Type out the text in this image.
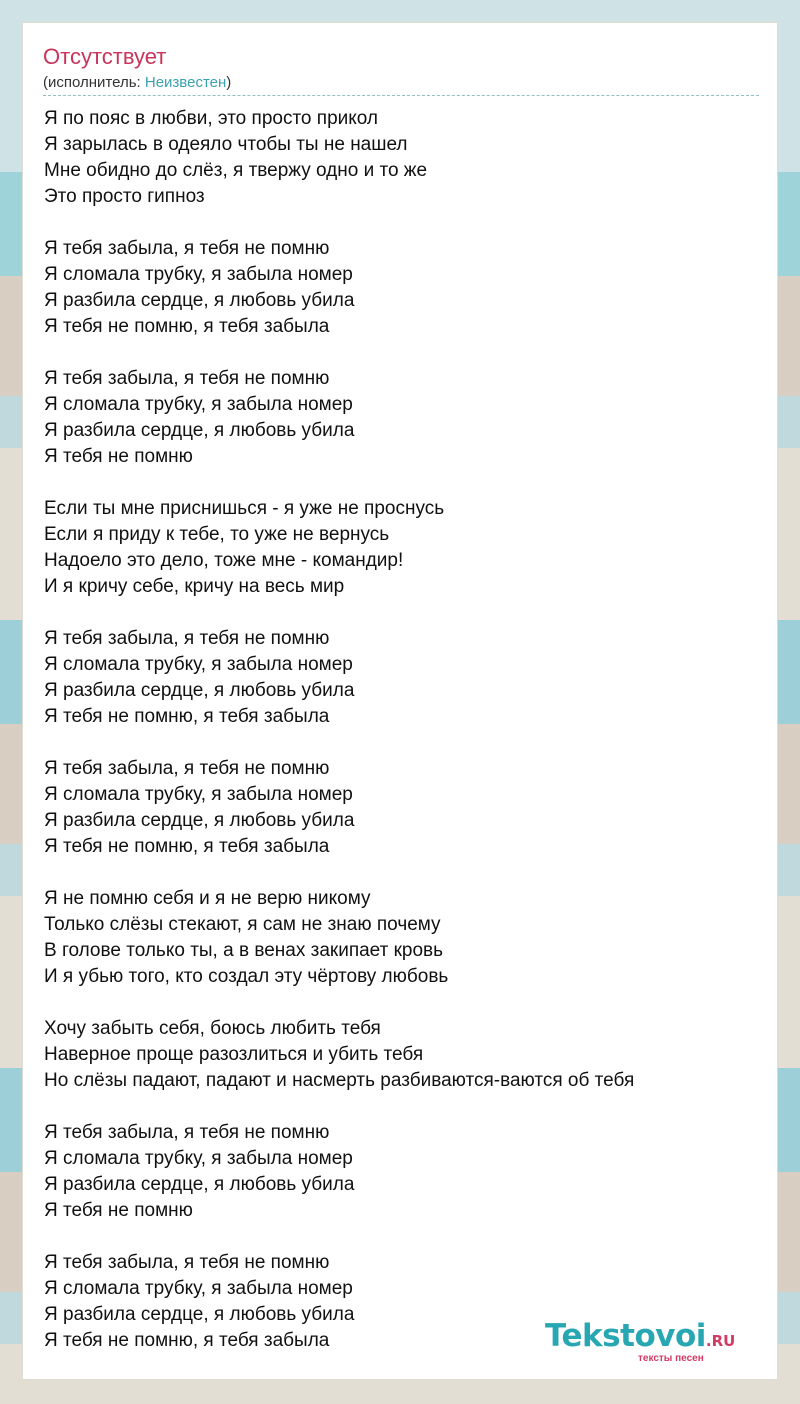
Отсутствует
(исполнитель: Неизвестен)
Я по пояс в любви, это просто прикол
Я зарылась в одеяло чтобы ты не нашел
Мне обидно до слёз, я твержу одно и то же
Это просто гипноз
Я тебя забыла, я тебя не помню
Я сломала трубку, я забыла номер
Я разбила сердце, я любовь убила
Я тебя не помню, я тебя забыла
Я тебя забыла, я тебя не помню
Я сломала трубку, я забыла номер
Я разбила сердце, я любовь убила
Я тебя не помню
Если ты мне приснишься - я уже не проснусь
Если я приду к тебе, то уже не вернусь
Надоело это дело, тоже мне - командир!
И я кричу себе, кричу на весь мир
Я тебя забыла, я тебя не помню
Я сломала трубку, я забыла номер
Я разбила сердце, я любовь убила
Я тебя не помню, я тебя забыла
Я тебя забыла, я тебя не помню
Я сломала трубку, я забыла номер
Я разбила сердце, я любовь убила
Я тебя не помню, я тебя забыла
Я не помню себя и я не верю никому
Только слёзы стекают, я сам не знаю почему
В голове только ты, а в венах закипает кровь
И я убью того, кто создал эту чёртову любовь
Хочу забыть себя, боюсь любить тебя
Наверное проще разозлиться и убить тебя
Но слёзы падают, падают и насмерть разбиваются-ваются об тебя
Я тебя забыла, я тебя не помню
Я сломала трубку, я забыла номер
Я разбила сердце, я любовь убила
Я тебя не помню
Я тебя забыла, я тебя не помню
Я сломала трубку, я забыла номер
Я разбила сердце, я любовь убила
Я тебя не помню, я тебя забыла	Tekstovoi.RU
тексты песен
